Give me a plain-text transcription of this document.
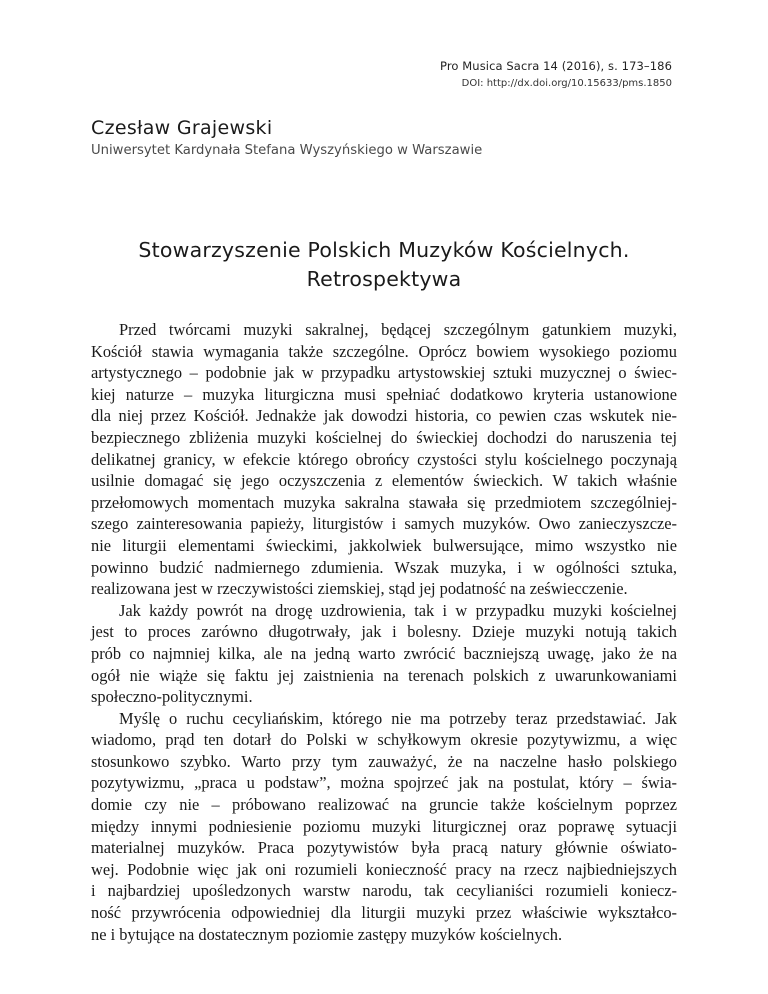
Pro Musica Sacra 14 (2016), s. 173–186
DOI: http://dx.doi.org/10.15633/pms.1850
Czesław Grajewski
Uniwersytet Kardynała Stefana Wyszyńskiego w Warszawie
Stowarzyszenie Polskich Muzyków Kościelnych.
Retrospektywa
Przed twórcami muzyki sakralnej, będącej szczególnym gatunkiem muzyki,
Kościół stawia wymagania także szczególne. Oprócz bowiem wysokiego poziomu
artystycznego – podobnie jak w przypadku artystowskiej sztuki muzycznej o świec-
kiej naturze – muzyka liturgiczna musi spełniać dodatkowo kryteria ustanowione
dla niej przez Kościół. Jednakże jak dowodzi historia, co pewien czas wskutek nie-
bezpiecznego zbliżenia muzyki kościelnej do świeckiej dochodzi do naruszenia tej
delikatnej granicy, w efekcie którego obrońcy czystości stylu kościelnego poczynają
usilnie domagać się jego oczyszczenia z elementów świeckich. W takich właśnie
przełomowych momentach muzyka sakralna stawała się przedmiotem szczególniej-
szego zainteresowania papieży, liturgistów i samych muzyków. Owo zanieczyszcze-
nie liturgii elementami świeckimi, jakkolwiek bulwersujące, mimo wszystko nie
powinno budzić nadmiernego zdumienia. Wszak muzyka, i w ogólności sztuka,
realizowana jest w rzeczywistości ziemskiej, stąd jej podatność na zeświecczenie.
Jak każdy powrót na drogę uzdrowienia, tak i w przypadku muzyki kościelnej
jest to proces zarówno długotrwały, jak i bolesny. Dzieje muzyki notują takich
prób co najmniej kilka, ale na jedną warto zwrócić baczniejszą uwagę, jako że na
ogół nie wiąże się faktu jej zaistnienia na terenach polskich z uwarunkowaniami
społeczno-politycznymi.
Myślę o ruchu cecyliańskim, którego nie ma potrzeby teraz przedstawiać. Jak
wiadomo, prąd ten dotarł do Polski w schyłkowym okresie pozytywizmu, a więc
stosunkowo szybko. Warto przy tym zauważyć, że na naczelne hasło polskiego
pozytywizmu, „praca u podstaw”, można spojrzeć jak na postulat, który – świa-
domie czy nie – próbowano realizować na gruncie także kościelnym poprzez
między innymi podniesienie poziomu muzyki liturgicznej oraz poprawę sytuacji
materialnej muzyków. Praca pozytywistów była pracą natury głównie oświato-
wej. Podobnie więc jak oni rozumieli konieczność pracy na rzecz najbiedniejszych
i najbardziej upośledzonych warstw narodu, tak cecylianiści rozumieli koniecz-
ność przywrócenia odpowiedniej dla liturgii muzyki przez właściwie wykształco-
ne i bytujące na dostatecznym poziomie zastępy muzyków kościelnych.
